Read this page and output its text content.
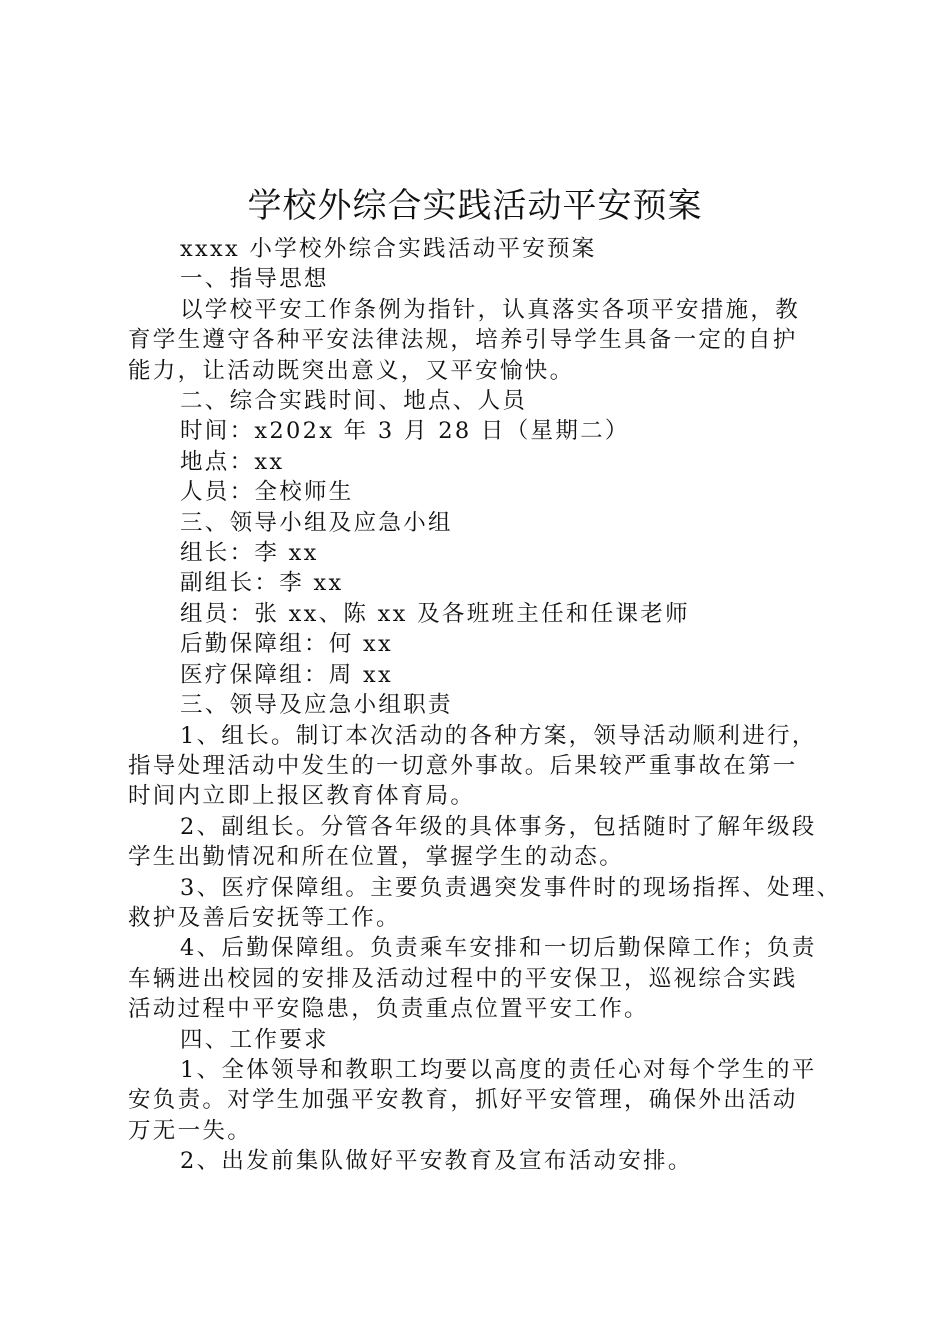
学校外综合实践活动平安预案

xxxx 小学校外综合实践活动平安预案

一、指导思想

以学校平安工作条例为指针，认真落实各项平安措施，教

育学生遵守各种平安法律法规，培养引导学生具备一定的自护

能力，让活动既突出意义，又平安愉快。

二、综合实践时间、地点、人员

时间：x202x 年 3 月 28 日（星期二）

地点：xx

人员：全校师生

三、领导小组及应急小组

组长：李 xx

副组长：李 xx

组员：张 xx、陈 xx 及各班班主任和任课老师

后勤保障组：何 xx

医疗保障组：周 xx

三、领导及应急小组职责

1、组长。制订本次活动的各种方案，领导活动顺利进行，

指导处理活动中发生的一切意外事故。后果较严重事故在第一

时间内立即上报区教育体育局。

2、副组长。分管各年级的具体事务，包括随时了解年级段

学生出勤情况和所在位置，掌握学生的动态。

3、医疗保障组。主要负责遇突发事件时的现场指挥、处理、

救护及善后安抚等工作。

4、后勤保障组。负责乘车安排和一切后勤保障工作；负责

车辆进出校园的安排及活动过程中的平安保卫，巡视综合实践

活动过程中平安隐患，负责重点位置平安工作。

四、工作要求

1、全体领导和教职工均要以高度的责任心对每个学生的平

安负责。对学生加强平安教育，抓好平安管理，确保外出活动

万无一失。

2、出发前集队做好平安教育及宣布活动安排。
